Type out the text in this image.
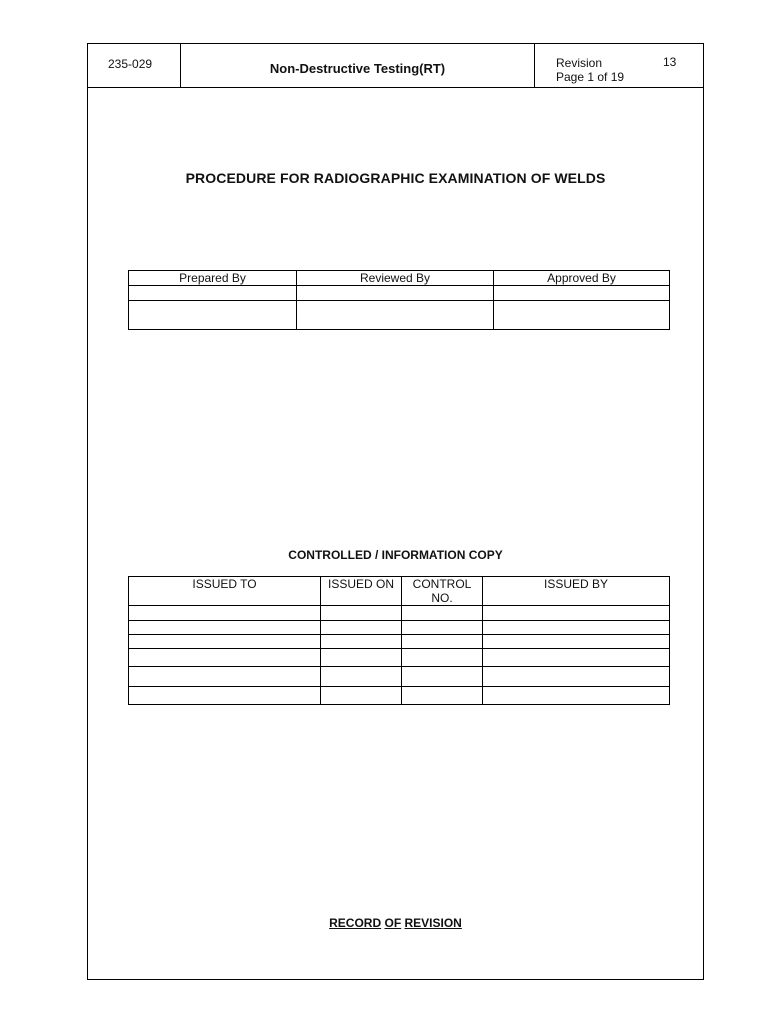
235-029	Non-Destructive Testing(RT)	Revision	13
Page 1 of 19
PROCEDURE FOR RADIOGRAPHIC EXAMINATION OF WELDS
Prepared By	Reviewed By	Approved By

CONTROLLED / INFORMATION COPY
ISSUED TO	ISSUED ON	CONTROL NO.	ISSUED BY

RECORD OF REVISION
